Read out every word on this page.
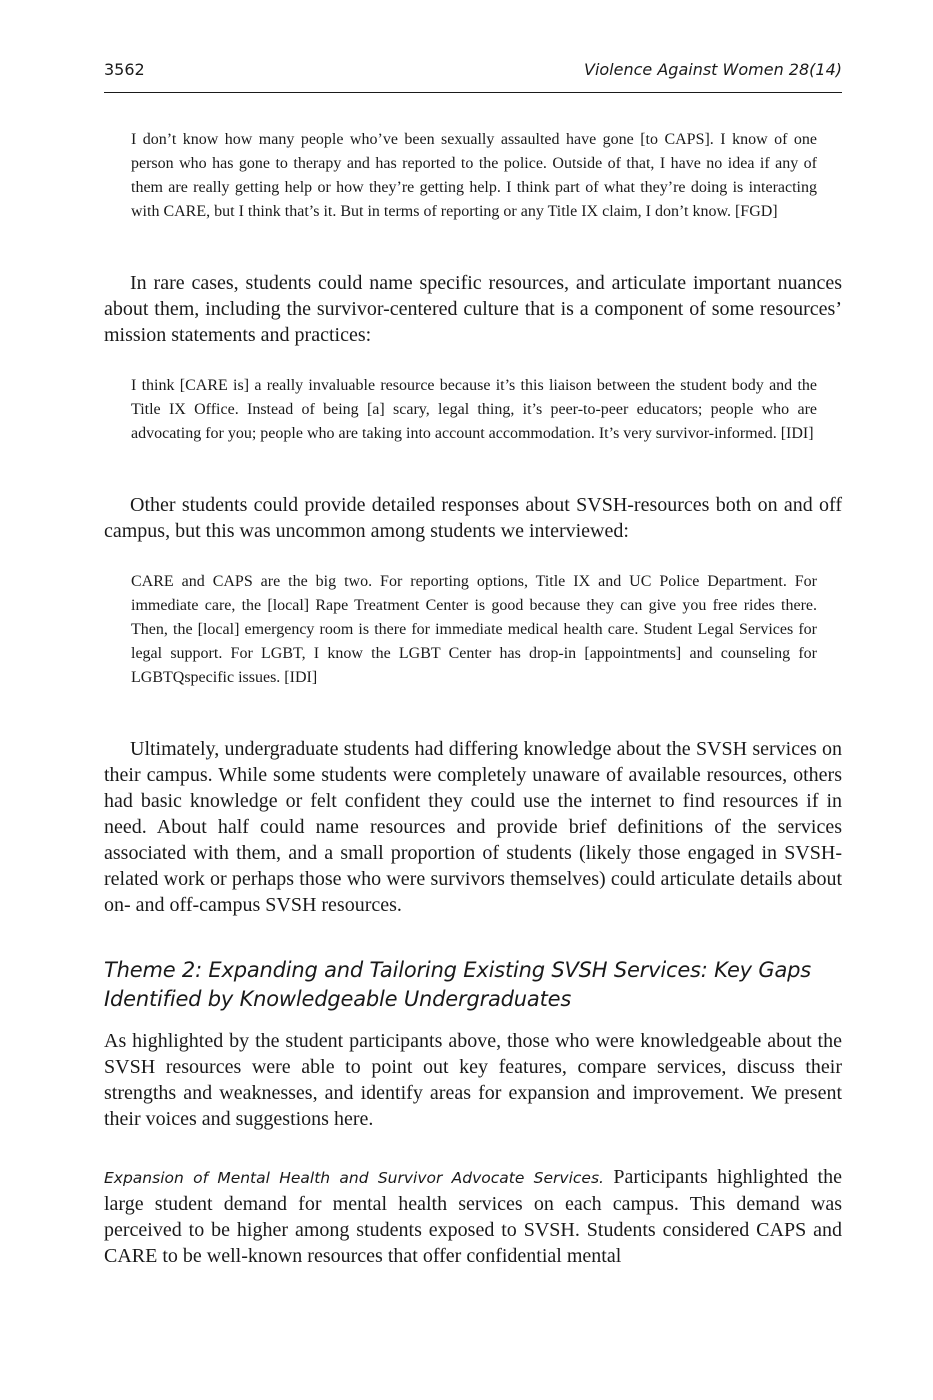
3562	Violence Against Women 28(14)

I don’t know how many people who’ve been sexually assaulted have gone [to CAPS]. I know of one person who has gone to therapy and has reported to the police. Outside of that, I have no idea if any of them are really getting help or how they’re getting help. I think part of what they’re doing is interacting with CARE, but I think that’s it. But in terms of reporting or any Title IX claim, I don’t know. [FGD]

In rare cases, students could name specific resources, and articulate important nuances about them, including the survivor-centered culture that is a component of some resources’ mission statements and practices:

I think [CARE is] a really invaluable resource because it’s this liaison between the student body and the Title IX Office. Instead of being [a] scary, legal thing, it’s peer-to-peer educators; people who are advocating for you; people who are taking into account accommodation. It’s very survivor-informed. [IDI]

Other students could provide detailed responses about SVSH-resources both on and off campus, but this was uncommon among students we interviewed:

CARE and CAPS are the big two. For reporting options, Title IX and UC Police Department. For immediate care, the [local] Rape Treatment Center is good because they can give you free rides there. Then, the [local] emergency room is there for immediate medical health care. Student Legal Services for legal support. For LGBT, I know the LGBT Center has drop-in [appointments] and counseling for LGBTQspecific issues. [IDI]

Ultimately, undergraduate students had differing knowledge about the SVSH services on their campus. While some students were completely unaware of available resources, others had basic knowledge or felt confident they could use the internet to find resources if in need. About half could name resources and provide brief definitions of the services associated with them, and a small proportion of students (likely those engaged in SVSH-related work or perhaps those who were survivors themselves) could articulate details about on- and off-campus SVSH resources.

Theme 2: Expanding and Tailoring Existing SVSH Services: Key Gaps Identified by Knowledgeable Undergraduates

As highlighted by the student participants above, those who were knowledgeable about the SVSH resources were able to point out key features, compare services, discuss their strengths and weaknesses, and identify areas for expansion and improvement. We present their voices and suggestions here.

Expansion of Mental Health and Survivor Advocate Services. Participants highlighted the large student demand for mental health services on each campus. This demand was perceived to be higher among students exposed to SVSH. Students considered CAPS and CARE to be well-known resources that offer confidential mental
